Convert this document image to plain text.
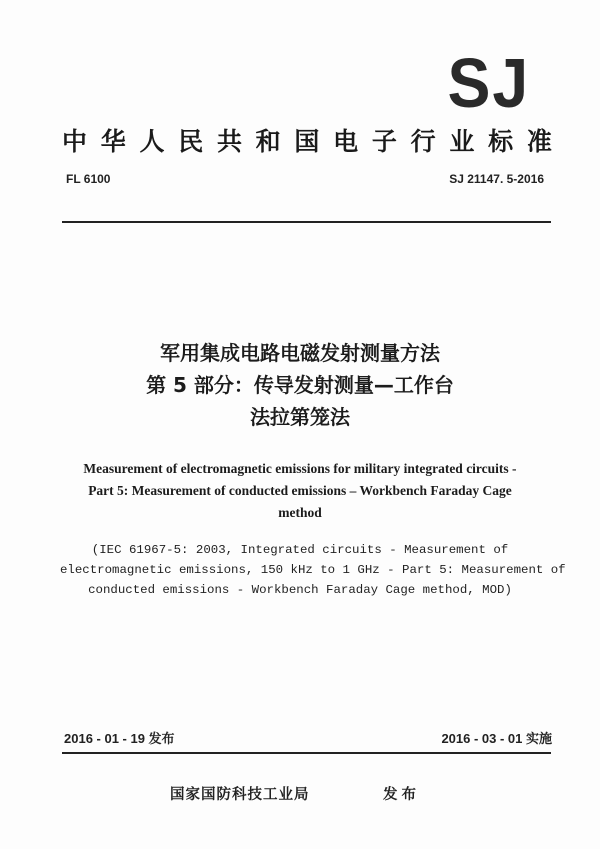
SJ
中 华 人 民 共 和 国 电 子 行 业 标 准
FL 6100	SJ 21147. 5-2016
军用集成电路电磁发射测量方法
第 5 部分：传导发射测量—工作台
法拉第笼法
Measurement of electromagnetic emissions for military integrated circuits -
Part 5: Measurement of conducted emissions – Workbench Faraday Cage
method
(IEC 61967-5: 2003, Integrated circuits - Measurement of
electromagnetic emissions, 150 kHz to 1 GHz - Part 5: Measurement of
conducted emissions - Workbench Faraday Cage method, MOD)
2016 - 01 - 19 发布	2016 - 03 - 01 实施
国家国防科技工业局	发布
